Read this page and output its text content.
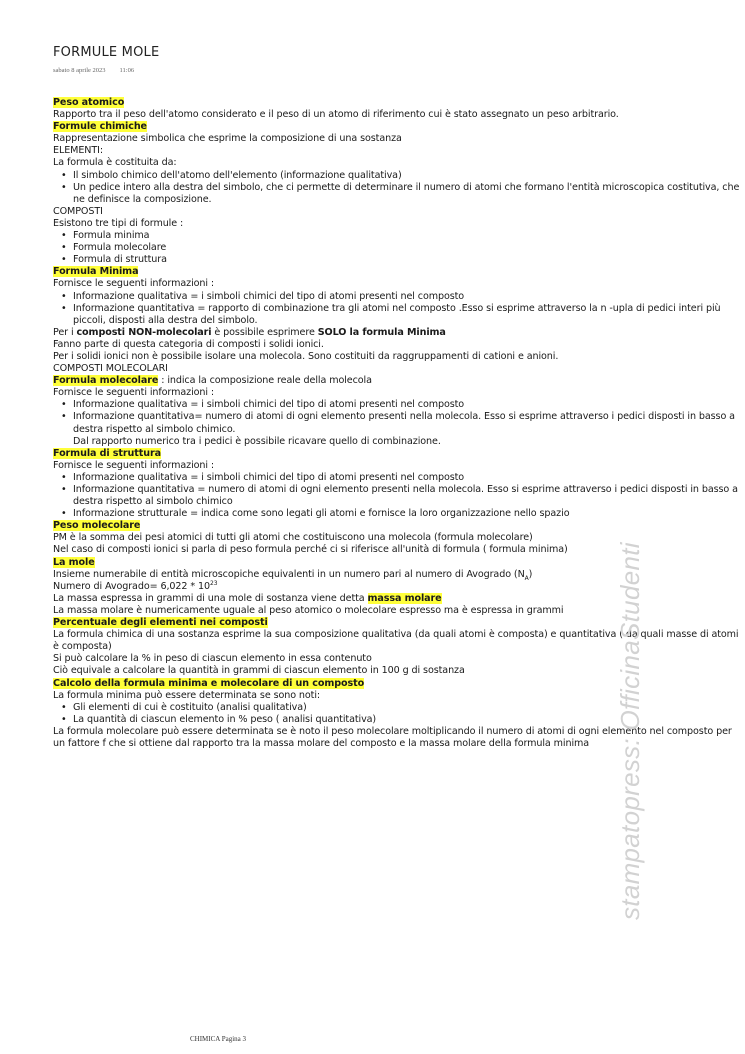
FORMULE MOLE
sabato 8 aprile 2023 11:06
Peso atomico
Rapporto tra il peso dell'atomo considerato e il peso di un atomo di riferimento cui è stato assegnato un peso arbitrario.
Formule chimiche
Rappresentazione simbolica che esprime la composizione di una sostanza
ELEMENTI:
La formula è costituita da:
• Il simbolo chimico dell'atomo dell'elemento (informazione qualitativa)
• Un pedice intero alla destra del simbolo, che ci permette di determinare il numero di atomi che formano l'entità microscopica costitutiva, che ne definisce la composizione.
COMPOSTI
Esistono tre tipi di formule :
• Formula minima
• Formula molecolare
• Formula di struttura
Formula Minima
Fornisce le seguenti informazioni :
• Informazione qualitativa = i simboli chimici del tipo di atomi presenti nel composto
• Informazione quantitativa = rapporto di combinazione tra gli atomi nel composto .Esso si esprime attraverso la n -upla di pedici interi più piccoli, disposti alla destra del simbolo.
Per i composti NON-molecolari è possibile esprimere SOLO la formula Minima
Fanno parte di questa categoria di composti i solidi ionici.
Per i solidi ionici non è possibile isolare una molecola. Sono costituiti da raggruppamenti di cationi e anioni.
COMPOSTI MOLECOLARI
Formula molecolare : indica la composizione reale della molecola
Fornisce le seguenti informazioni :
• Informazione qualitativa = i simboli chimici del tipo di atomi presenti nel composto
• Informazione quantitativa= numero di atomi di ogni elemento presenti nella molecola. Esso si esprime attraverso i pedici disposti in basso a destra rispetto al simbolo chimico.
Dal rapporto numerico tra i pedici è possibile ricavare quello di combinazione.
Formula di struttura
Fornisce le seguenti informazioni :
• Informazione qualitativa = i simboli chimici del tipo di atomi presenti nel composto
• Informazione quantitativa = numero di atomi di ogni elemento presenti nella molecola. Esso si esprime attraverso i pedici disposti in basso a destra rispetto al simbolo chimico
• Informazione strutturale = indica come sono legati gli atomi e fornisce la loro organizzazione nello spazio
Peso molecolare
PM è la somma dei pesi atomici di tutti gli atomi che costituiscono una molecola (formula molecolare)
Nel caso di composti ionici si parla di peso formula perché ci si riferisce all'unità di formula ( formula minima)
La mole
Insieme numerabile di entità microscopiche equivalenti in un numero pari al numero di Avogrado $(N_A)$
Numero di Avogrado= $6,022 * 10^{23}$
La massa espressa in grammi di una mole di sostanza viene detta massa molare
La massa molare è numericamente uguale al peso atomico o molecolare espresso ma è espressa in grammi
Percentuale degli elementi nei composti
La formula chimica di una sostanza esprime la sua composizione qualitativa (da quali atomi è composta) e quantitativa ( da quali masse di atomi è composta)
Si può calcolare la % in peso di ciascun elemento in essa contenuto
Ciò equivale a calcolare la quantità in grammi di ciascun elemento in 100 g di sostanza
Calcolo della formula minima e molecolare di un composto
La formula minima può essere determinata se sono noti:
• Gli elementi di cui è costituito (analisi qualitativa)
• La quantità di ciascun elemento in % peso ( analisi quantitativa)
La formula molecolare può essere determinata se è noto il peso molecolare moltiplicando il numero di atomi di ogni elemento nel composto per un fattore f che si ottiene dal rapporto tra la massa molare del composto e la massa molare della formula minima stampatopress: OfficinaStudenti
CHIMICA Pagina 3
